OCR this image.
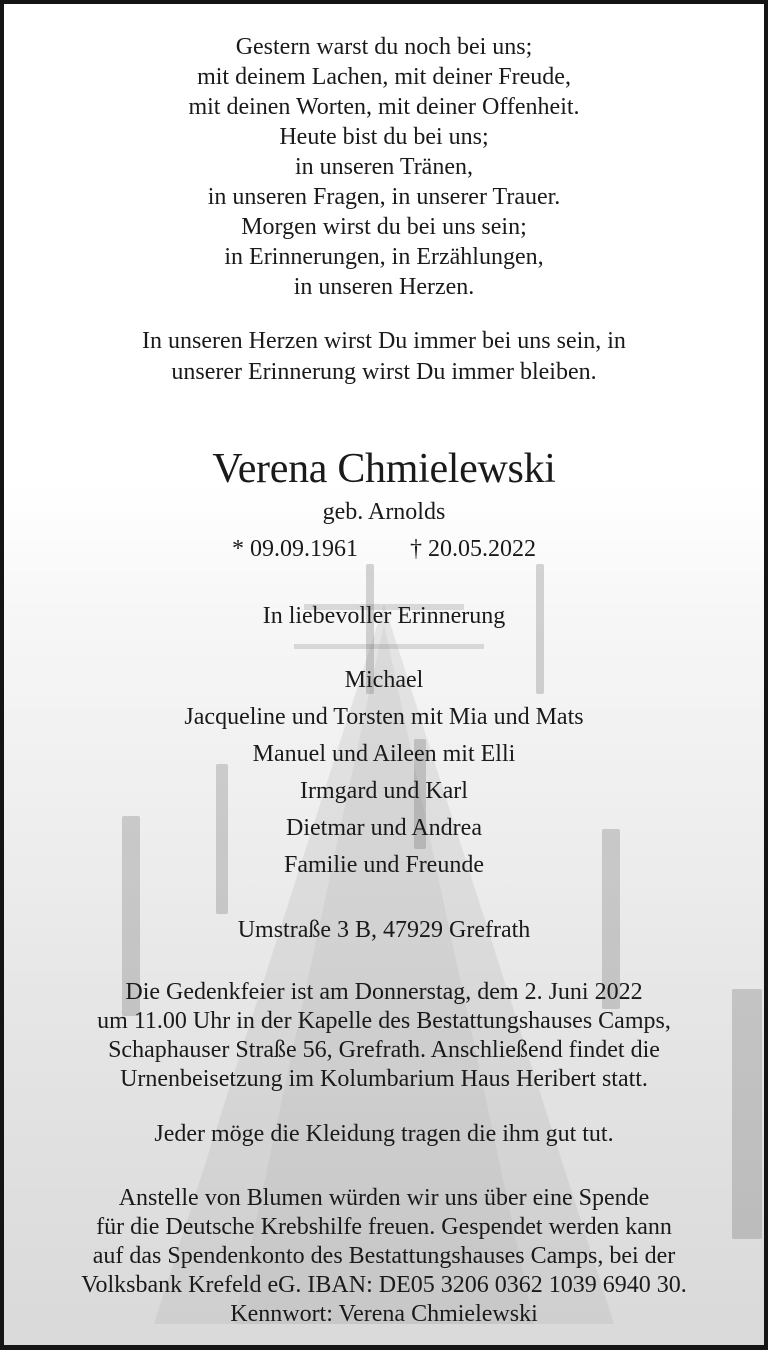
Gestern warst du noch bei uns;
mit deinem Lachen, mit deiner Freude,
mit deinen Worten, mit deiner Offenheit.
Heute bist du bei uns;
in unseren Tränen,
in unseren Fragen, in unserer Trauer.
Morgen wirst du bei uns sein;
in Erinnerungen, in Erzählungen,
in unseren Herzen.
In unseren Herzen wirst Du immer bei uns sein, in
unserer Erinnerung wirst Du immer bleiben.
Verena Chmielewski
geb. Arnolds
* 09.09.1961 † 20.05.2022
In liebevoller Erinnerung
Michael
Jacqueline und Torsten mit Mia und Mats
Manuel und Aileen mit Elli
Irmgard und Karl
Dietmar und Andrea
Familie und Freunde
Umstraße 3 B, 47929 Grefrath
Die Gedenkfeier ist am Donnerstag, dem 2. Juni 2022
um 11.00 Uhr in der Kapelle des Bestattungshauses Camps,
Schaphauser Straße 56, Grefrath. Anschließend findet die
Urnenbeisetzung im Kolumbarium Haus Heribert statt.
Jeder möge die Kleidung tragen die ihm gut tut.
Anstelle von Blumen würden wir uns über eine Spende
für die Deutsche Krebshilfe freuen. Gespendet werden kann
auf das Spendenkonto des Bestattungshauses Camps, bei der
Volksbank Krefeld eG. IBAN: DE05 3206 0362 1039 6940 30.
Kennwort: Verena Chmielewski
